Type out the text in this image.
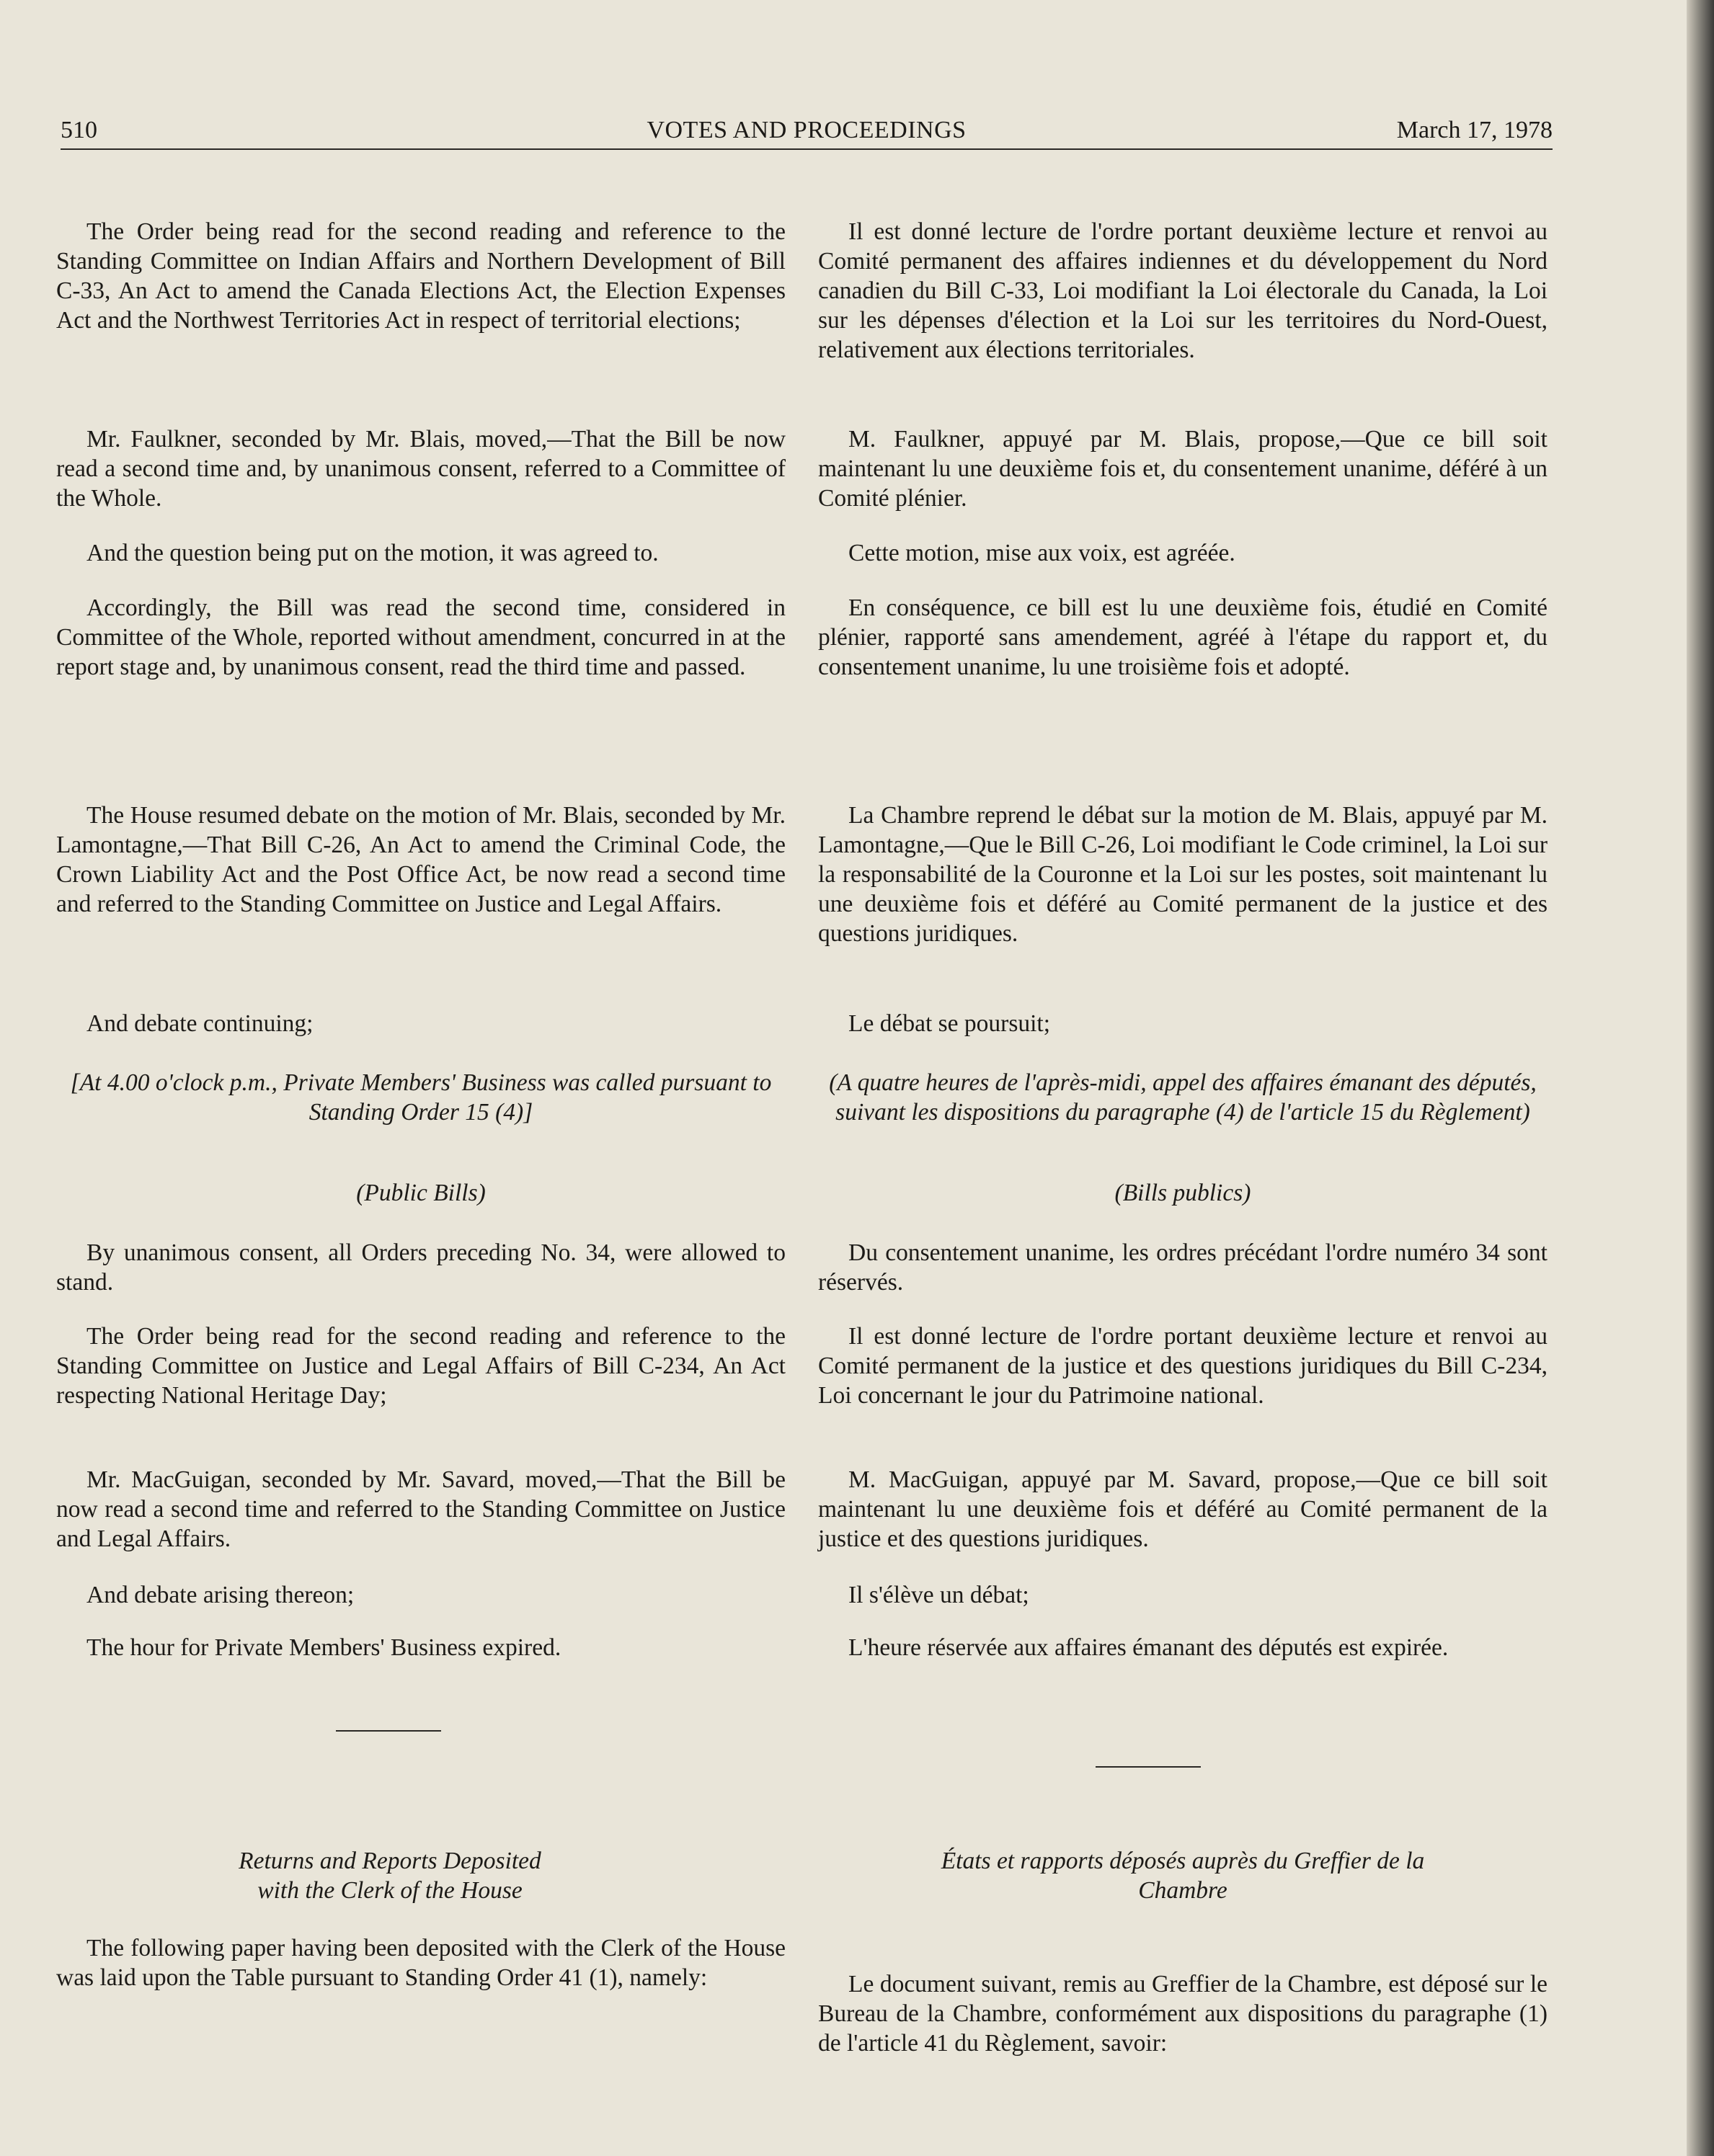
510	VOTES AND PROCEEDINGS	March 17, 1978

The Order being read for the second reading and reference to the Standing Committee on Indian Affairs and Northern Development of Bill C-33, An Act to amend the Canada Elections Act, the Election Expenses Act and the Northwest Territories Act in respect of territorial elections;

Mr. Faulkner, seconded by Mr. Blais, moved,—That the Bill be now read a second time and, by unanimous consent, referred to a Committee of the Whole.

And the question being put on the motion, it was agreed to.

Accordingly, the Bill was read the second time, considered in Committee of the Whole, reported without amendment, concurred in at the report stage and, by unanimous consent, read the third time and passed.

The House resumed debate on the motion of Mr. Blais, seconded by Mr. Lamontagne,—That Bill C-26, An Act to amend the Criminal Code, the Crown Liability Act and the Post Office Act, be now read a second time and referred to the Standing Committee on Justice and Legal Affairs.

And debate continuing;

[At 4.00 o'clock p.m., Private Members' Business was called pursuant to Standing Order 15 (4)]

(Public Bills)

By unanimous consent, all Orders preceding No. 34, were allowed to stand.

The Order being read for the second reading and reference to the Standing Committee on Justice and Legal Affairs of Bill C-234, An Act respecting National Heritage Day;

Mr. MacGuigan, seconded by Mr. Savard, moved,—That the Bill be now read a second time and referred to the Standing Committee on Justice and Legal Affairs.

And debate arising thereon;

The hour for Private Members' Business expired.

Returns and Reports Deposited with the Clerk of the House

The following paper having been deposited with the Clerk of the House was laid upon the Table pursuant to Standing Order 41 (1), namely:

Il est donné lecture de l'ordre portant deuxième lecture et renvoi au Comité permanent des affaires indiennes et du développement du Nord canadien du Bill C-33, Loi modifiant la Loi électorale du Canada, la Loi sur les dépenses d'élection et la Loi sur les territoires du Nord-Ouest, relativement aux élections territoriales.

M. Faulkner, appuyé par M. Blais, propose,—Que ce bill soit maintenant lu une deuxième fois et, du consentement unanime, déféré à un Comité plénier.

Cette motion, mise aux voix, est agréée.

En conséquence, ce bill est lu une deuxième fois, étudié en Comité plénier, rapporté sans amendement, agréé à l'étape du rapport et, du consentement unanime, lu une troisième fois et adopté.

La Chambre reprend le débat sur la motion de M. Blais, appuyé par M. Lamontagne,—Que le Bill C-26, Loi modifiant le Code criminel, la Loi sur la responsabilité de la Couronne et la Loi sur les postes, soit maintenant lu une deuxième fois et déféré au Comité permanent de la justice et des questions juridiques.

Le débat se poursuit;

(A quatre heures de l'après-midi, appel des affaires émanant des députés, suivant les dispositions du paragraphe (4) de l'article 15 du Règlement)

(Bills publics)

Du consentement unanime, les ordres précédant l'ordre numéro 34 sont réservés.

Il est donné lecture de l'ordre portant deuxième lecture et renvoi au Comité permanent de la justice et des questions juridiques du Bill C-234, Loi concernant le jour du Patrimoine national.

M. MacGuigan, appuyé par M. Savard, propose,—Que ce bill soit maintenant lu une deuxième fois et déféré au Comité permanent de la justice et des questions juridiques.

Il s'élève un débat;

L'heure réservée aux affaires émanant des députés est expirée.

États et rapports déposés auprès du Greffier de la Chambre

Le document suivant, remis au Greffier de la Chambre, est déposé sur le Bureau de la Chambre, conformément aux dispositions du paragraphe (1) de l'article 41 du Règlement, savoir:
